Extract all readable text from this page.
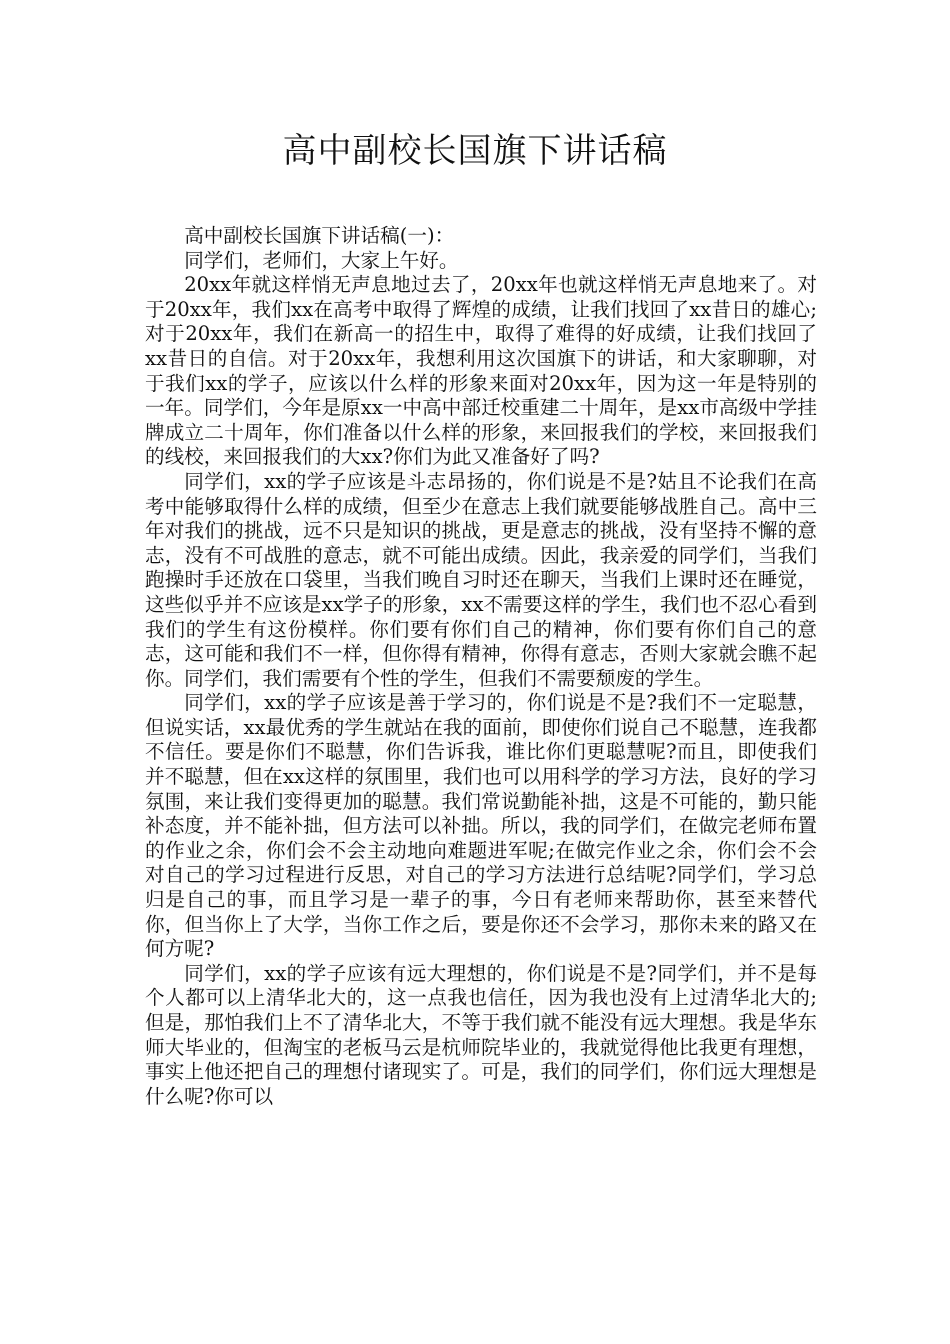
高中副校长国旗下讲话稿

高中副校长国旗下讲话稿(一)：

同学们，老师们，大家上午好。

20xx年就这样悄无声息地过去了，20xx年也就这样悄无声息地来了。对于20xx年，我们xx在高考中取得了辉煌的成绩，让我们找回了xx昔日的雄心;对于20xx年，我们在新高一的招生中，取得了难得的好成绩，让我们找回了xx昔日的自信。对于20xx年，我想利用这次国旗下的讲话，和大家聊聊，对于我们xx的学子，应该以什么样的形象来面对20xx年，因为这一年是特别的一年。同学们，今年是原xx一中高中部迁校重建二十周年，是xx市高级中学挂牌成立二十周年，你们准备以什么样的形象，来回报我们的学校，来回报我们的线校，来回报我们的大xx?你们为此又准备好了吗?

同学们，xx的学子应该是斗志昂扬的，你们说是不是?姑且不论我们在高考中能够取得什么样的成绩，但至少在意志上我们就要能够战胜自己。高中三年对我们的挑战，远不只是知识的挑战，更是意志的挑战，没有坚持不懈的意志，没有不可战胜的意志，就不可能出成绩。因此，我亲爱的同学们，当我们跑操时手还放在口袋里，当我们晚自习时还在聊天，当我们上课时还在睡觉，这些似乎并不应该是xx学子的形象，xx不需要这样的学生，我们也不忍心看到我们的学生有这份模样。你们要有你们自己的精神，你们要有你们自己的意志，这可能和我们不一样，但你得有精神，你得有意志，否则大家就会瞧不起你。同学们，我们需要有个性的学生，但我们不需要颓废的学生。

同学们，xx的学子应该是善于学习的，你们说是不是?我们不一定聪慧，但说实话，xx最优秀的学生就站在我的面前，即使你们说自己不聪慧，连我都不信任。要是你们不聪慧，你们告诉我，谁比你们更聪慧呢?而且，即使我们并不聪慧，但在xx这样的氛围里，我们也可以用科学的学习方法，良好的学习氛围，来让我们变得更加的聪慧。我们常说勤能补拙，这是不可能的，勤只能补态度，并不能补拙，但方法可以补拙。所以，我的同学们，在做完老师布置的作业之余，你们会不会主动地向难题进军呢;在做完作业之余，你们会不会对自己的学习过程进行反思，对自己的学习方法进行总结呢?同学们，学习总归是自己的事，而且学习是一辈子的事，今日有老师来帮助你，甚至来替代你，但当你上了大学，当你工作之后，要是你还不会学习，那你未来的路又在何方呢?

同学们，xx的学子应该有远大理想的，你们说是不是?同学们，并不是每个人都可以上清华北大的，这一点我也信任，因为我也没有上过清华北大的;但是，那怕我们上不了清华北大，不等于我们就不能没有远大理想。我是华东师大毕业的，但淘宝的老板马云是杭师院毕业的，我就觉得他比我更有理想，事实上他还把自己的理想付诸现实了。可是，我们的同学们，你们远大理想是什么呢?你可以
